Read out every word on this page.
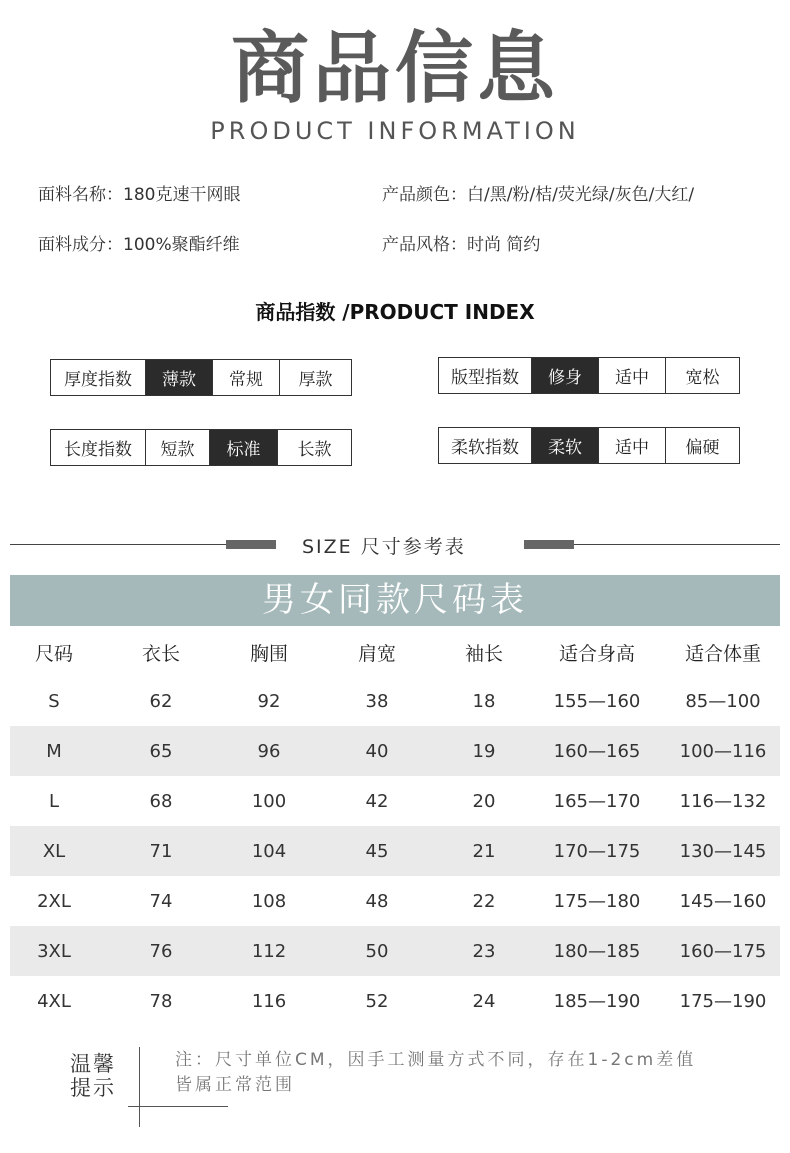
商品信息
PRODUCT INFORMATION
面料名称：180克速干网眼	产品颜色：白/黑/粉/桔/荧光绿/灰色/大红/
面料成分：100%聚酯纤维	产品风格：时尚 简约
商品指数 /PRODUCT INDEX
厚度指数	薄款	常规	厚款	版型指数	修身	适中	宽松
长度指数	短款	标准	长款	柔软指数	柔软	适中	偏硬
SIZE 尺寸参考表
男女同款尺码表
尺码	衣长	胸围	肩宽	袖长	适合身高	适合体重
S	62	92	38	18	155—160	85—100
M	65	96	40	19	160—165	100—116
L	68	100	42	20	165—170	116—132
XL	71	104	45	21	170—175	130—145
2XL	74	108	48	22	175—180	145—160
3XL	76	112	50	23	180—185	160—175
4XL	78	116	52	24	185—190	175—190
温馨
提示
注：尺寸单位CM，因手工测量方式不同，存在1-2cm差值
皆属正常范围
